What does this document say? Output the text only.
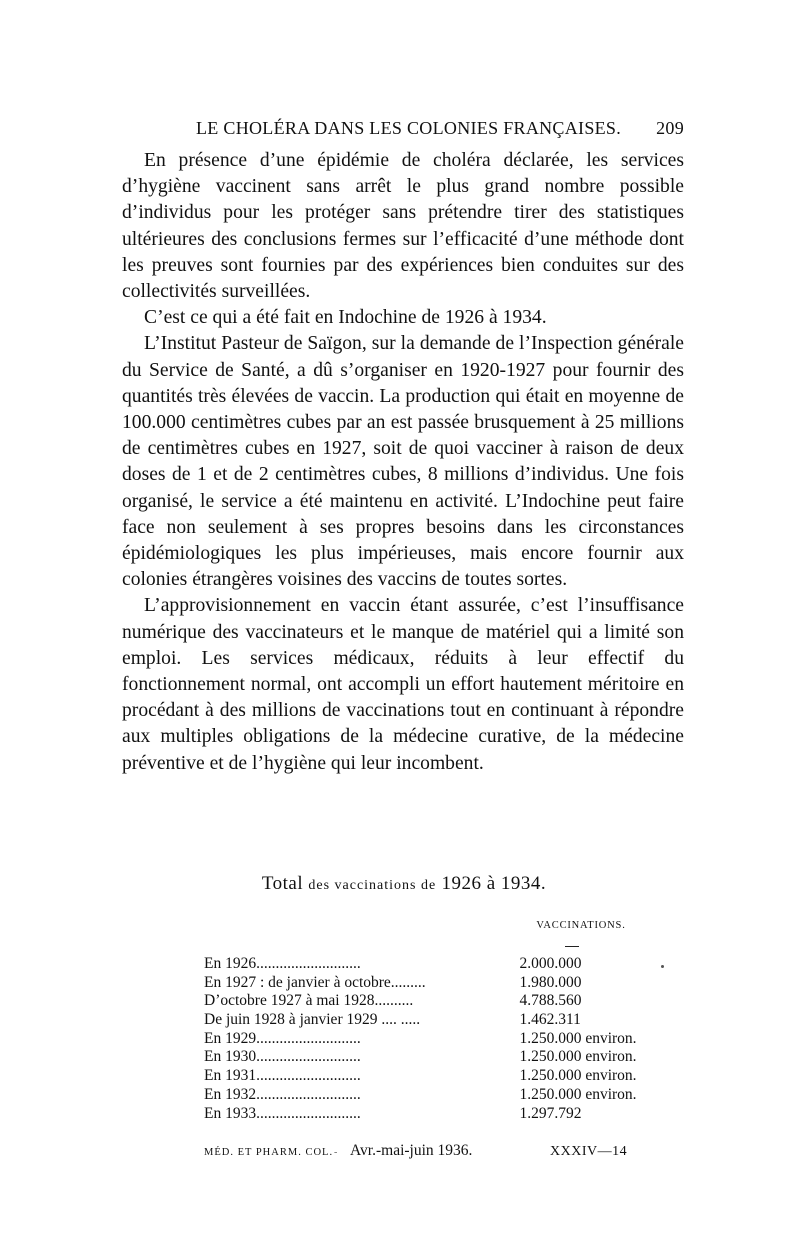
LE CHOLÉRA DANS LES COLONIES FRANÇAISES. 209

En présence d’une épidémie de choléra déclarée, les services d’hygiène vaccinent sans arrêt le plus grand nombre possible d’individus pour les protéger sans prétendre tirer des statistiques ultérieures des conclusions fermes sur l’efficacité d’une méthode dont les preuves sont fournies par des expériences bien conduites sur des collectivités surveillées.

C’est ce qui a été fait en Indochine de 1926 à 1934.

L’Institut Pasteur de Saïgon, sur la demande de l’Inspection générale du Service de Santé, a dû s’organiser en 1920-1927 pour fournir des quantités très élevées de vaccin. La production qui était en moyenne de 100.000 centimètres cubes par an est passée brusquement à 25 millions de centimètres cubes en 1927, soit de quoi vacciner à raison de deux doses de 1 et de 2 centimètres cubes, 8 millions d’individus. Une fois organisé, le service a été maintenu en activité. L’Indochine peut faire face non seulement à ses propres besoins dans les circonstances épidémiologiques les plus impérieuses, mais encore fournir aux colonies étrangères voisines des vaccins de toutes sortes.

L’approvisionnement en vaccin étant assurée, c’est l’insuffisance numérique des vaccinateurs et le manque de matériel qui a limité son emploi. Les services médicaux, réduits à leur effectif du fonctionnement normal, ont accompli un effort hautement méritoire en procédant à des millions de vaccinations tout en continuant à répondre aux multiples obligations de la médecine curative, de la médecine préventive et de l’hygiène qui leur incombent.

Total des vaccinations de 1926 à 1934.
VACCINATIONS.
En 1926...........................	2.000.000
En 1927 : de janvier à octobre.........	1.980.000
D’octobre 1927 à mai 1928..........	4.788.560
De juin 1928 à janvier 1929 .... .....	1.462.311
En 1929...........................	1.250.000 environ.
En 1930...........................	1.250.000 environ.
En 1931...........................	1.250.000 environ.
En 1932...........................	1.250.000 environ.
En 1933...........................	1.297.792
MÉD. ET PHARM. COL. - Avr.-mai-juin 1936.	XXXIV—14
